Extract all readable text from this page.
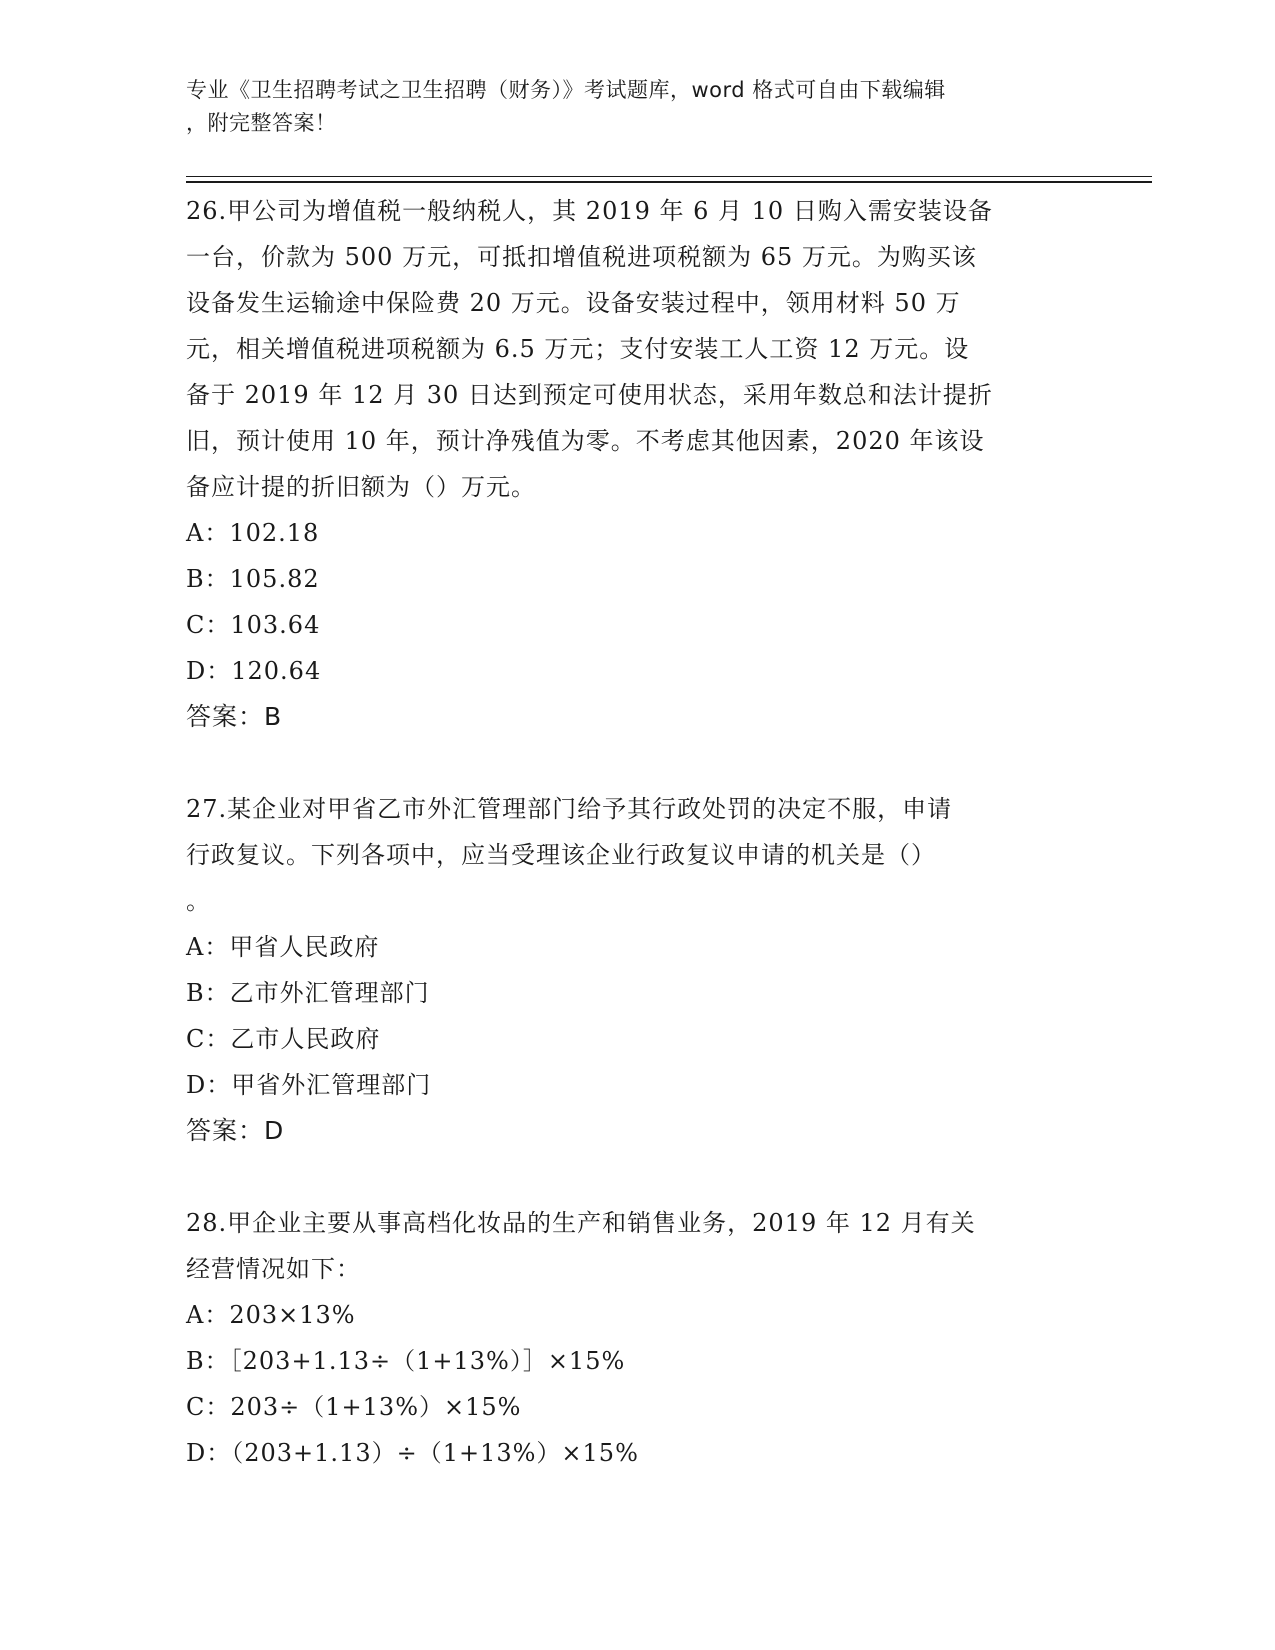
专业《卫生招聘考试之卫生招聘（财务）》考试题库，word 格式可自由下载编辑
，附完整答案！
26.甲公司为增值税一般纳税人，其 2019 年 6 月 10 日购入需安装设备
一台，价款为 500 万元，可抵扣增值税进项税额为 65 万元。为购买该
设备发生运输途中保险费 20 万元。设备安装过程中，领用材料 50 万
元，相关增值税进项税额为 6.5 万元；支付安装工人工资 12 万元。设
备于 2019 年 12 月 30 日达到预定可使用状态，采用年数总和法计提折
旧，预计使用 10 年，预计净残值为零。不考虑其他因素，2020 年该设
备应计提的折旧额为（）万元。
A：102.18
B：105.82
C：103.64
D：120.64
答案：B
27.某企业对甲省乙市外汇管理部门给予其行政处罚的决定不服，申请
行政复议。下列各项中，应当受理该企业行政复议申请的机关是（）
。
A：甲省人民政府
B：乙市外汇管理部门
C：乙市人民政府
D：甲省外汇管理部门
答案：D
28.甲企业主要从事高档化妆品的生产和销售业务，2019 年 12 月有关
经营情况如下：
A：203×13%
B：［203+1.13÷（1+13%）］×15%
C：203÷（1+13%）×15%
D：（203+1.13）÷（1+13%）×15%
